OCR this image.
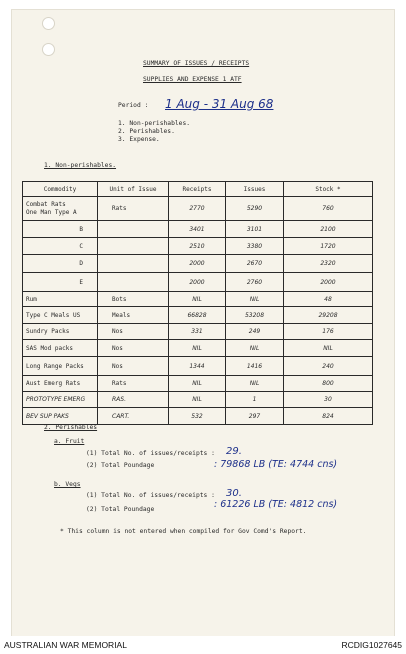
SUMMARY OF ISSUES / RECEIPTS
SUPPLIES AND EXPENSE 1 ATF
Period : 1 Aug - 31 Aug 68
1. Non-perishables.
2. Perishables.
3. Expense.
1. Non-perishables.
Commodity	Unit of Issue	Receipts	Issues	Stock *
Combat Rats
One Man Type A	Rats	2770	5290	760
B		3401	3101	2100
C		2510	3380	1720
D		2000	2670	2320
E		2000	2760	2000
Rum	Bots	NIL	NIL	48
Type C Meals US	Meals	66828	53208	29208
Sundry Packs	Nos	331	249	176
SAS Mod packs	Nos	NIL	NIL	NIL
Long Range Packs	Nos	1344	1416	240
Aust Emerg Rats	Rats	NIL	NIL	800
PROTOTYPE EMERG	RAS.	NIL	1	30
BEV SUP PAKS	CART.	532	297	824
2. Perishables
a. Fruit
(1) Total No. of issues/receipts : 29.
(2) Total Poundage	: 79868 LB (TE: 4744 cns)
b. Vegs
(1) Total No. of issues/receipts : 30.
(2) Total Poundage	: 61226 LB (TE: 4812 cns)
* This column is not entered when compiled for Gov Comd's Report.
AUSTRALIAN WAR MEMORIAL	RCDIG1027645
